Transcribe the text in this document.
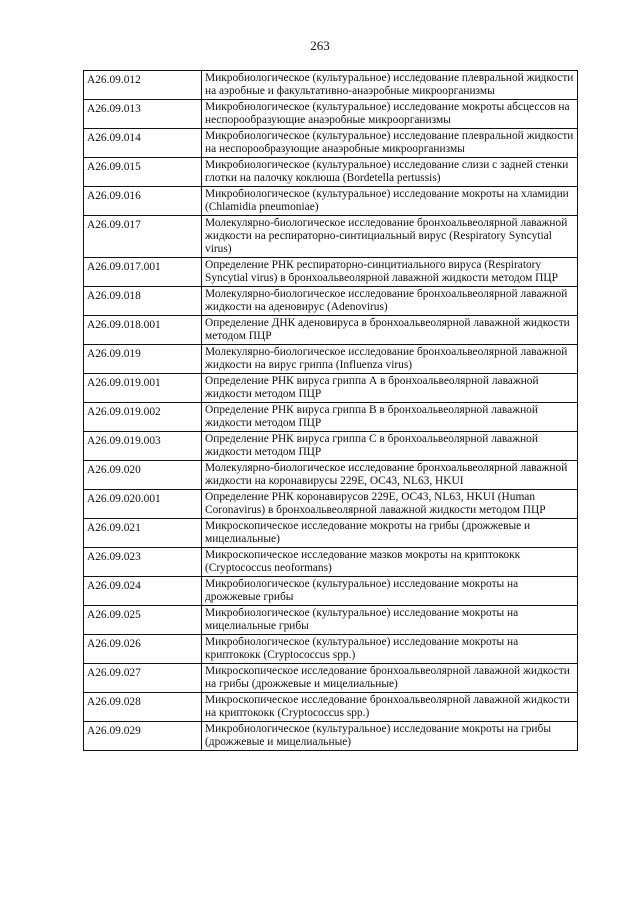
263
A26.09.012	Микробиологическое (культуральное) исследование плевральной жидкости на аэробные и факультативно-анаэробные микроорганизмы
A26.09.013	Микробиологическое (культуральное) исследование мокроты абсцессов на неспорообразующие анаэробные микроорганизмы
A26.09.014	Микробиологическое (культуральное) исследование плевральной жидкости на неспорообразующие анаэробные микроорганизмы
A26.09.015	Микробиологическое (культуральное) исследование слизи с задней стенки глотки на палочку коклюша (Bordetella pertussis)
A26.09.016	Микробиологическое (культуральное) исследование мокроты на хламидии (Chlamidia pneumoniae)
A26.09.017	Молекулярно-биологическое исследование бронхоальвеолярной лаважной жидкости на респираторно-синтициальный вирус (Respiratory Syncytial virus)
A26.09.017.001	Определение РНК респираторно-синцитиального вируса (Respiratory Syncytial virus) в бронхоальвеолярной лаважной жидкости методом ПЦР
A26.09.018	Молекулярно-биологическое исследование бронхоальвеолярной лаважной жидкости на аденовирус (Adenovirus)
A26.09.018.001	Определение ДНК аденовируса в бронхоальвеолярной лаважной жидкости методом ПЦР
A26.09.019	Молекулярно-биологическое исследование бронхоальвеолярной лаважной жидкости на вирус гриппа (Influenza virus)
A26.09.019.001	Определение РНК вируса гриппа А в бронхоальвеолярной лаважной жидкости методом ПЦР
A26.09.019.002	Определение РНК вируса гриппа В в бронхоальвеолярной лаважной жидкости методом ПЦР
A26.09.019.003	Определение РНК вируса гриппа С в бронхоальвеолярной лаважной жидкости методом ПЦР
A26.09.020	Молекулярно-биологическое исследование бронхоальвеолярной лаважной жидкости на коронавирусы 229E, OC43, NL63, HKUI
A26.09.020.001	Определение РНК коронавирусов 229E, OC43, NL63, HKUI (Human Coronavirus) в бронхоальвеолярной лаважной жидкости методом ПЦР
A26.09.021	Микроскопическое исследование мокроты на грибы (дрожжевые и мицелиальные)
A26.09.023	Микроскопическое исследование мазков мокроты на криптококк (Cryptococcus neoformans)
A26.09.024	Микробиологическое (культуральное) исследование мокроты на дрожжевые грибы
A26.09.025	Микробиологическое (культуральное) исследование мокроты на мицелиальные грибы
A26.09.026	Микробиологическое (культуральное) исследование мокроты на криптококк (Cryptococcus spp.)
A26.09.027	Микроскопическое исследование бронхоальвеолярной лаважной жидкости на грибы (дрожжевые и мицелиальные)
A26.09.028	Микроскопическое исследование бронхоальвеолярной лаважной жидкости на криптококк (Cryptococcus spp.)
A26.09.029	Микробиологическое (культуральное) исследование мокроты на грибы (дрожжевые и мицелиальные)
